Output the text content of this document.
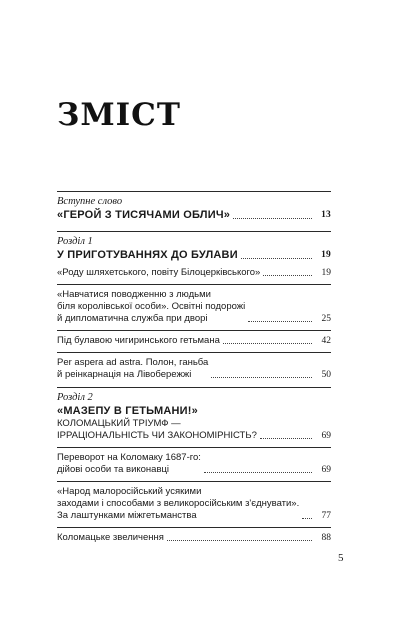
ЗМІСТ
Вступне слово
«ГЕРОЙ З ТИСЯЧАМИ ОБЛИЧ»	13
Розділ 1
У ПРИГОТУВАННЯХ ДО БУЛАВИ	19
«Роду шляхетського, повіту Білоцерківського»	19
«Навчатися поводженню з людьми
біля королівської особи». Освітні подорожі
й дипломатична служба при дворі	25
Під булавою чигиринського гетьмана	42
Per aspera ad astra. Полон, ганьба
й реінкарнація на Лівобережжі	50
Розділ 2
«МАЗЕПУ В ГЕТЬМАНИ!»
КОЛОМАЦЬКИЙ ТРІУМФ —
ІРРАЦІОНАЛЬНІСТЬ ЧИ ЗАКОНОМІРНІСТЬ?	69
Переворот на Коломаку 1687-го:
дійові особи та виконавці	69
«Народ малоросійський усякими
заходами і способами з великоросійським з'єднувати».
За лаштунками міжгетьманства	77
Коломацьке звеличення	88
5
